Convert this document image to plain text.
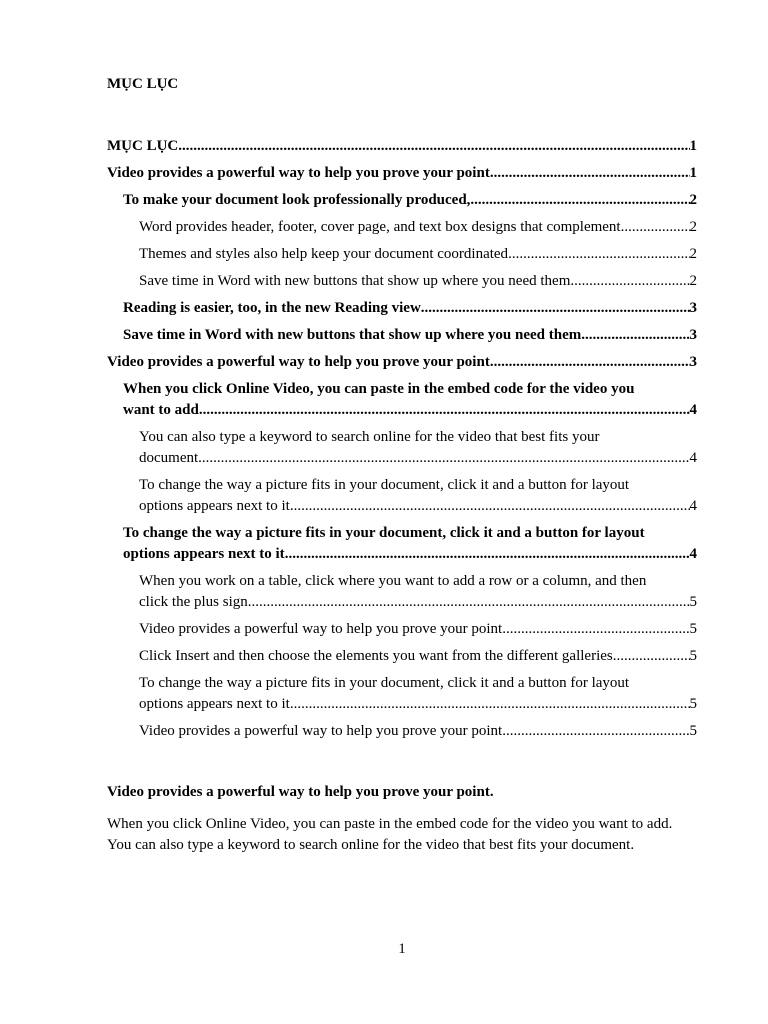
MỤC LỤC
MỤC LỤC .....	1
Video provides a powerful way to help you prove your point .....	1
To make your document look professionally produced, .....	2
Word provides header, footer, cover page, and text box designs that complement .....	2
Themes and styles also help keep your document coordinated .....	2
Save time in Word with new buttons that show up where you need them .....	2
Reading is easier, too, in the new Reading view .....	3
Save time in Word with new buttons that show up where you need them .....	3
Video provides a powerful way to help you prove your point .....	3
When you click Online Video, you can paste in the embed code for the video you
want to add .....	4
You can also type a keyword to search online for the video that best fits your
document .....	4
To change the way a picture fits in your document, click it and a button for layout
options appears next to it .....	4
To change the way a picture fits in your document, click it and a button for layout
options appears next to it .....	4
When you work on a table, click where you want to add a row or a column, and then
click the plus sign .....	5
Video provides a powerful way to help you prove your point .....	5
Click Insert and then choose the elements you want from the different galleries .....	5
To change the way a picture fits in your document, click it and a button for layout
options appears next to it .....	5
Video provides a powerful way to help you prove your point .....	5
Video provides a powerful way to help you prove your point.
When you click Online Video, you can paste in the embed code for the video you want to add. You can also type a keyword to search online for the video that best fits your document.
1
